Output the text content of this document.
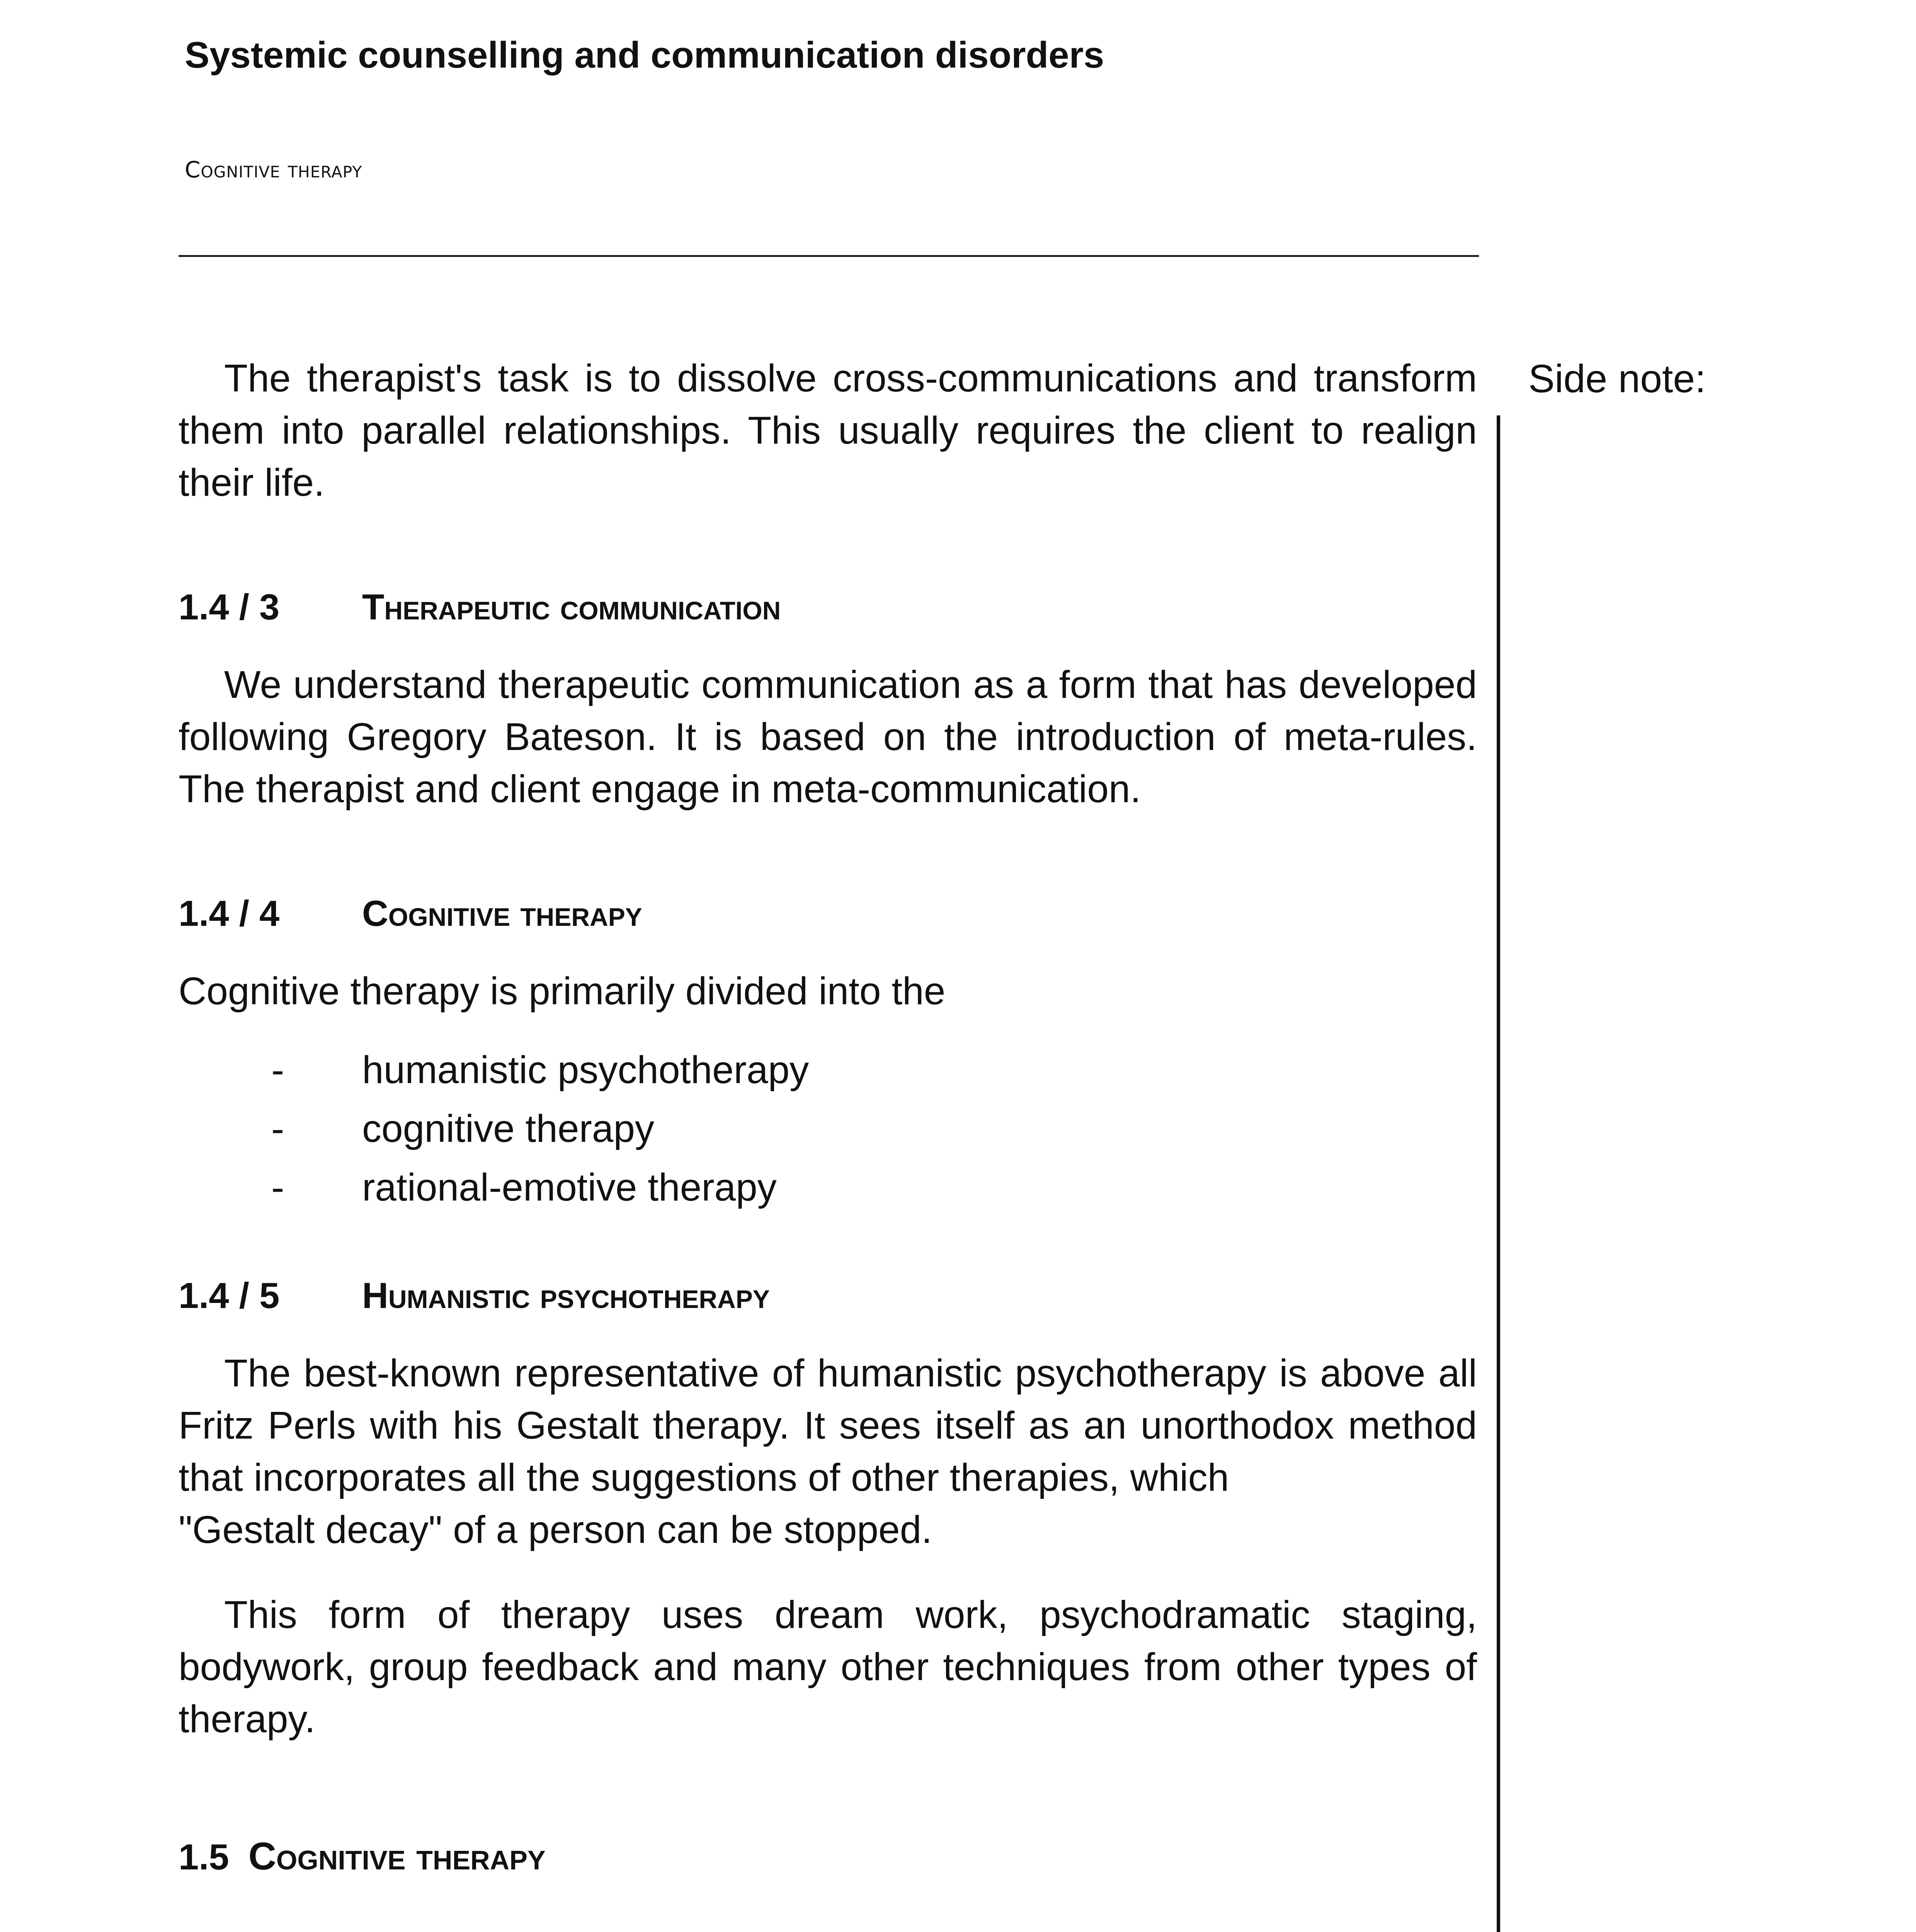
Systemic counselling and communication disorders
Cognitive therapy
Side note:

The therapist's task is to dissolve cross-communications and transform them into parallel relationships. This usually requires the client to realign their life.

1.4 / 3	Therapeutic communication

We understand therapeutic communication as a form that has developed following Gregory Bateson. It is based on the introduction of meta-rules. The therapist and client engage in meta-communication.

1.4 / 4	Cognitive therapy

Cognitive therapy is primarily divided into the

-	humanistic psychotherapy
-	cognitive therapy
-	rational-emotive therapy
1.4 / 5	Humanistic psychotherapy

The best-known representative of humanistic psychotherapy is above all Fritz Perls with his Gestalt therapy. It sees itself as an unorthodox method that incorporates all the suggestions of other therapies, which

"Gestalt decay" of a person can be stopped.

This form of therapy uses dream work, psychodramatic staging, bodywork, group feedback and many other techniques from other types of therapy.

1.5 Cognitive therapy
